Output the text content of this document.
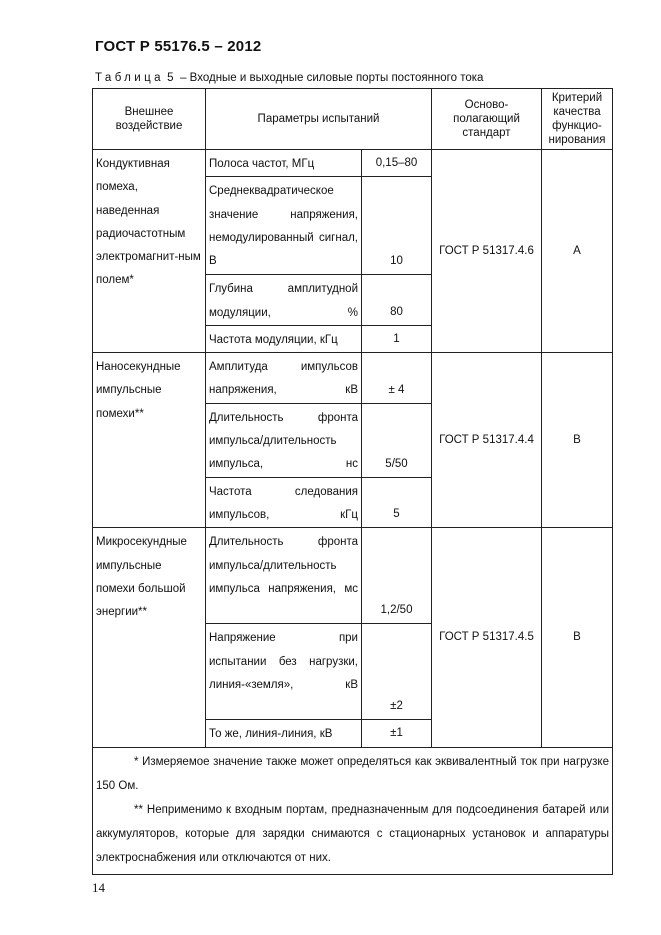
ГОСТ Р 55176.5 – 2012
Таблица 5 – Входные и выходные силовые порты постоянного тока
Внешнее воздействие	Параметры испытаний		Осново-полагающий стандарт	Критерий качества функцио-нирования
Кондуктивная помеха, наведенная радиочастотным электромагнит-ным полем*	Полоса частот, МГц	0,15–80	ГОСТ Р 51317.4.6	A
	Среднеквадратическое значение напряжения, немодулированный сигнал, В	10		
	Глубина амплитудной модуляции, %	80		
	Частота модуляции, кГц	1		
Наносекундные импульсные помехи**	Амплитуда импульсов напряжения, кВ	± 4	ГОСТ Р 51317.4.4	B
	Длительность фронта импульса/длительность импульса, нс	5/50		
	Частота следования импульсов, кГц	5		
Микросекундные импульсные помехи большой энергии**	Длительность фронта импульса/длительность импульса напряжения, мс	1,2/50	ГОСТ Р 51317.4.5	B
	Напряжение при испытании без нагрузки, линия-«земля», кВ	±2		
	То же, линия-линия, кВ	±1		

* Измеряемое значение также может определяться как эквивалентный ток при нагрузке 150 Ом.

** Неприменимо к входным портам, предназначенным для подсоединения батарей или аккумуляторов, которые для зарядки снимаются с стационарных установок и аппаратуры электроснабжения или отключаются от них.				

14
